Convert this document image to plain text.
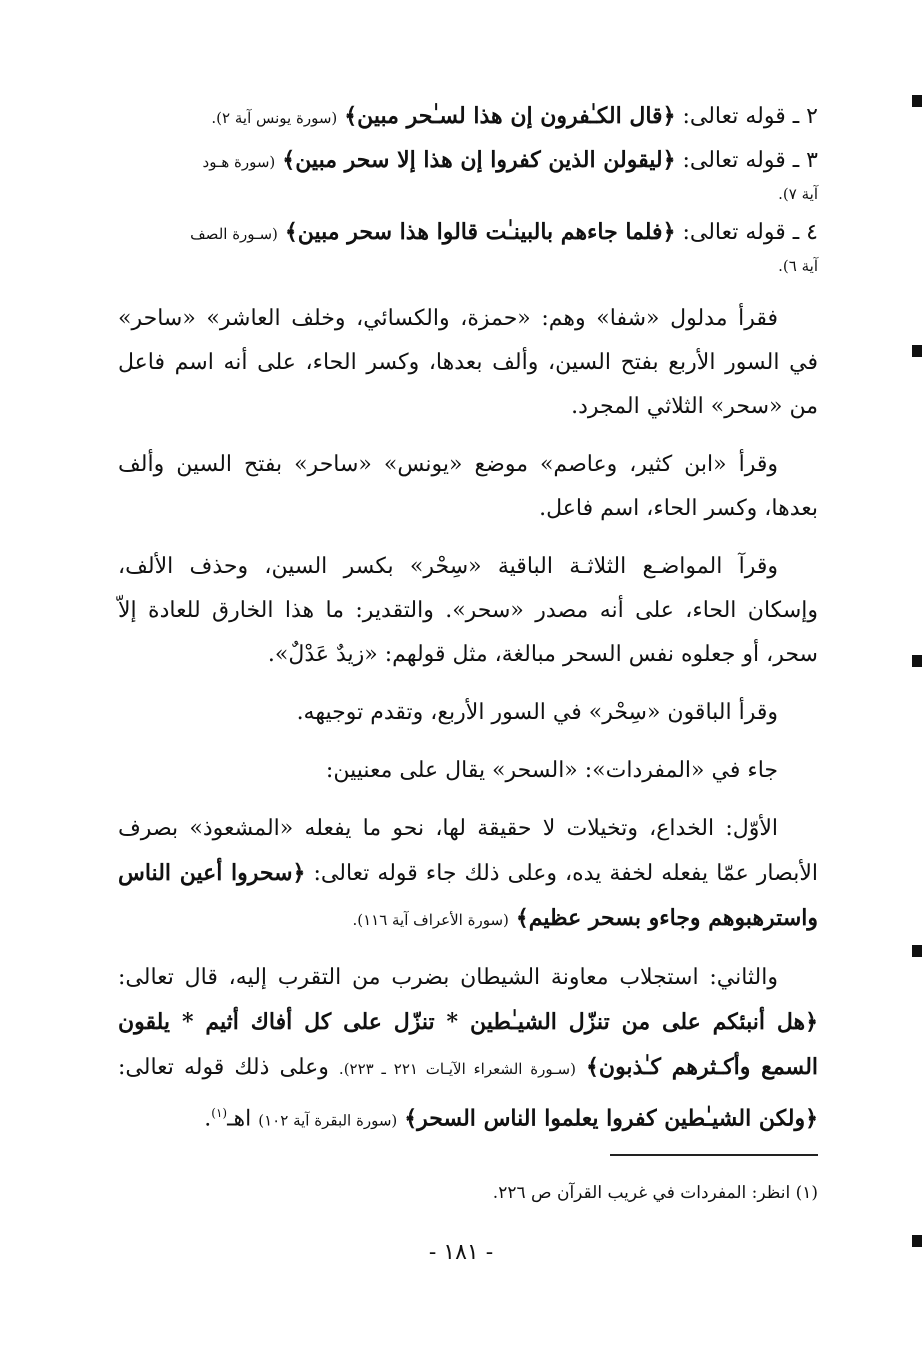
٢ ـ قوله تعالى: ﴿قال الكـٰفرون إن هذا لسـٰحر مبين﴾ (سورة يونس آية ٢).
٣ ـ قوله تعالى: ﴿ليقولن الذين كفروا إن هذا إلا سحر مبين﴾ (سورة هـود
آية ٧).
٤ ـ قوله تعالى: ﴿فلما جاءهم بالبينـٰت قالوا هذا سحر مبين﴾ (سـورة الصف
آية ٦).
فقرأ مدلول «شفا» وهم: «حمزة، والكسائي، وخلف العاشر» «ساحر» في السور الأربع بفتح السين، وألف بعدها، وكسر الحاء، على أنه اسم فاعل من «سحر» الثلاثي المجرد.
وقرأ «ابن كثير، وعاصم» موضع «يونس» «ساحر» بفتح السين وألف بعدها، وكسر الحاء، اسم فاعل.
وقرآ المواضـع الثلاثـة الباقية «سِحْر» بكسر السين، وحذف الألف، وإسكان الحاء، على أنه مصدر «سحر». والتقدير: ما هذا الخارق للعادة إلاّ سحر، أو جعلوه نفس السحر مبالغة، مثل قولهم: «زيدٌ عَدْلٌ».
وقرأ الباقون «سِحْر» في السور الأربع، وتقدم توجيهه.
جاء في «المفردات»: «السحر» يقال على معنيين:
الأوّل: الخداع، وتخيلات لا حقيقة لها، نحو ما يفعله «المشعوذ» بصرف الأبصار عمّا يفعله لخفة يده، وعلى ذلك جاء قوله تعالى: ﴿سحروا أعين الناس واسترهبوهم وجاءو بسحر عظيم﴾ (سورة الأعراف آية ١١٦).
والثاني: استجلاب معاونة الشيطان بضرب من التقرب إليه، قال تعالى: ﴿هل أنبئكم على من تنزّل الشيـٰطين * تنزّل على كل أفاك أثيم * يلقون السمع وأكـثرهم كـٰذبون﴾ (سـورة الشعراء الآيـات ٢٢١ ـ ٢٢٣). وعلى ذلك قوله تعالى: ﴿ولكن الشيـٰطين كفروا يعلموا الناس السحر﴾ (سورة البقرة آية ١٠٢) اهـ$^{(١)}$.
(١) انظر: المفردات في غريب القرآن ص ٢٢٦.
- ١٨١ -
